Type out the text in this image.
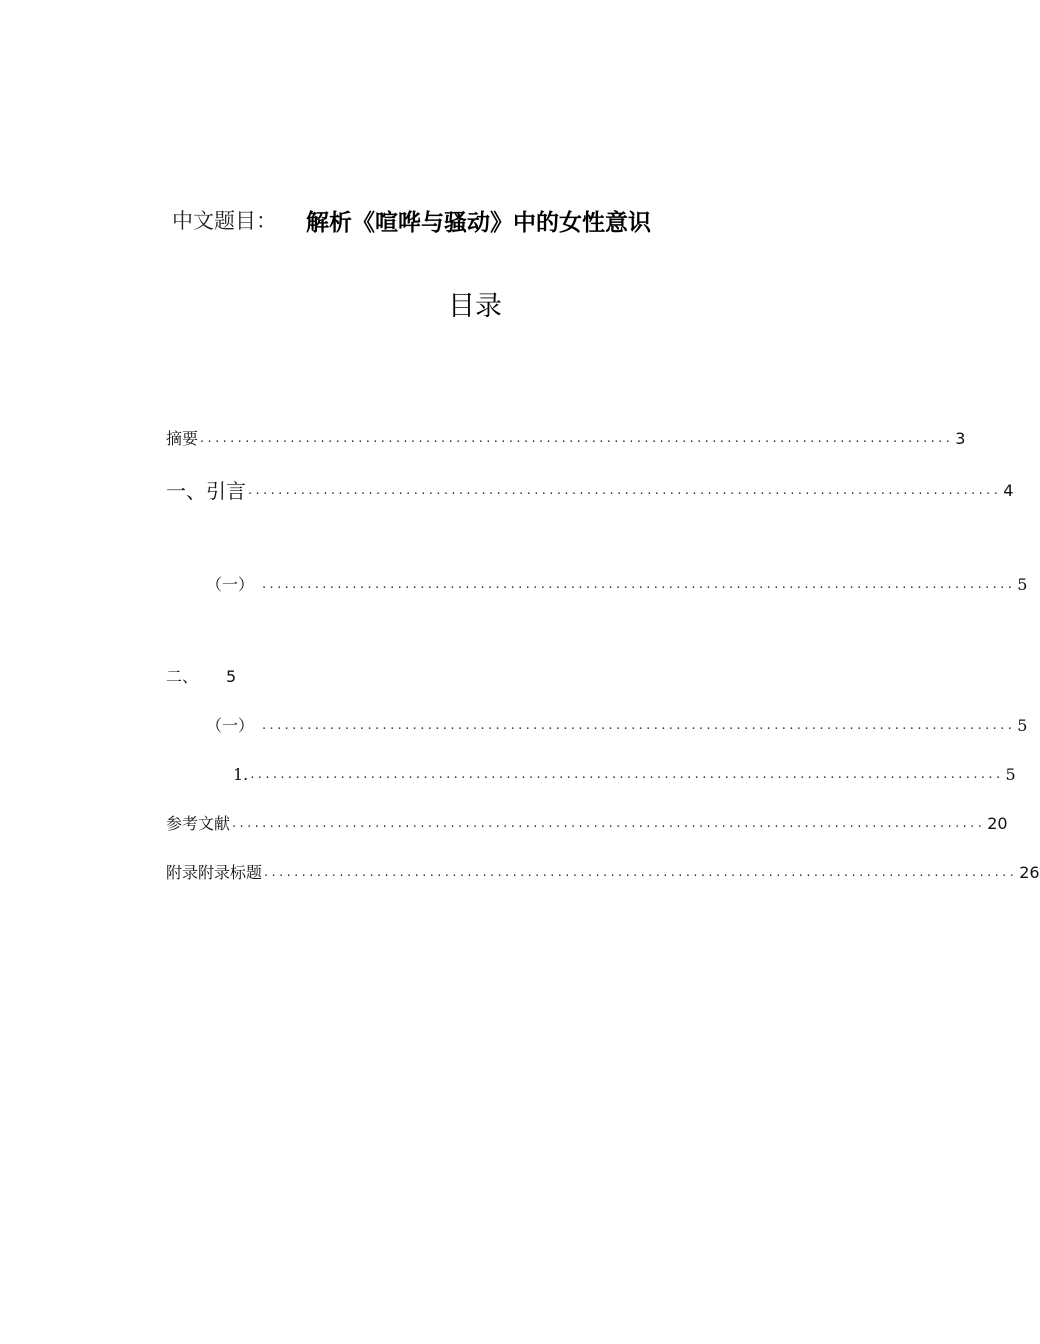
中文题目：	解析《喧哗与骚动》中的女性意识
目录
摘要 .................................................................................................... 3
一、引言 .................................................................................................... 4
（一） .................................................................................................... 5
二、	5
（一） .................................................................................................... 5
1. .................................................................................................... 5
参考文献 .................................................................................................... 20
附录附录标题 .................................................................................................... 26
